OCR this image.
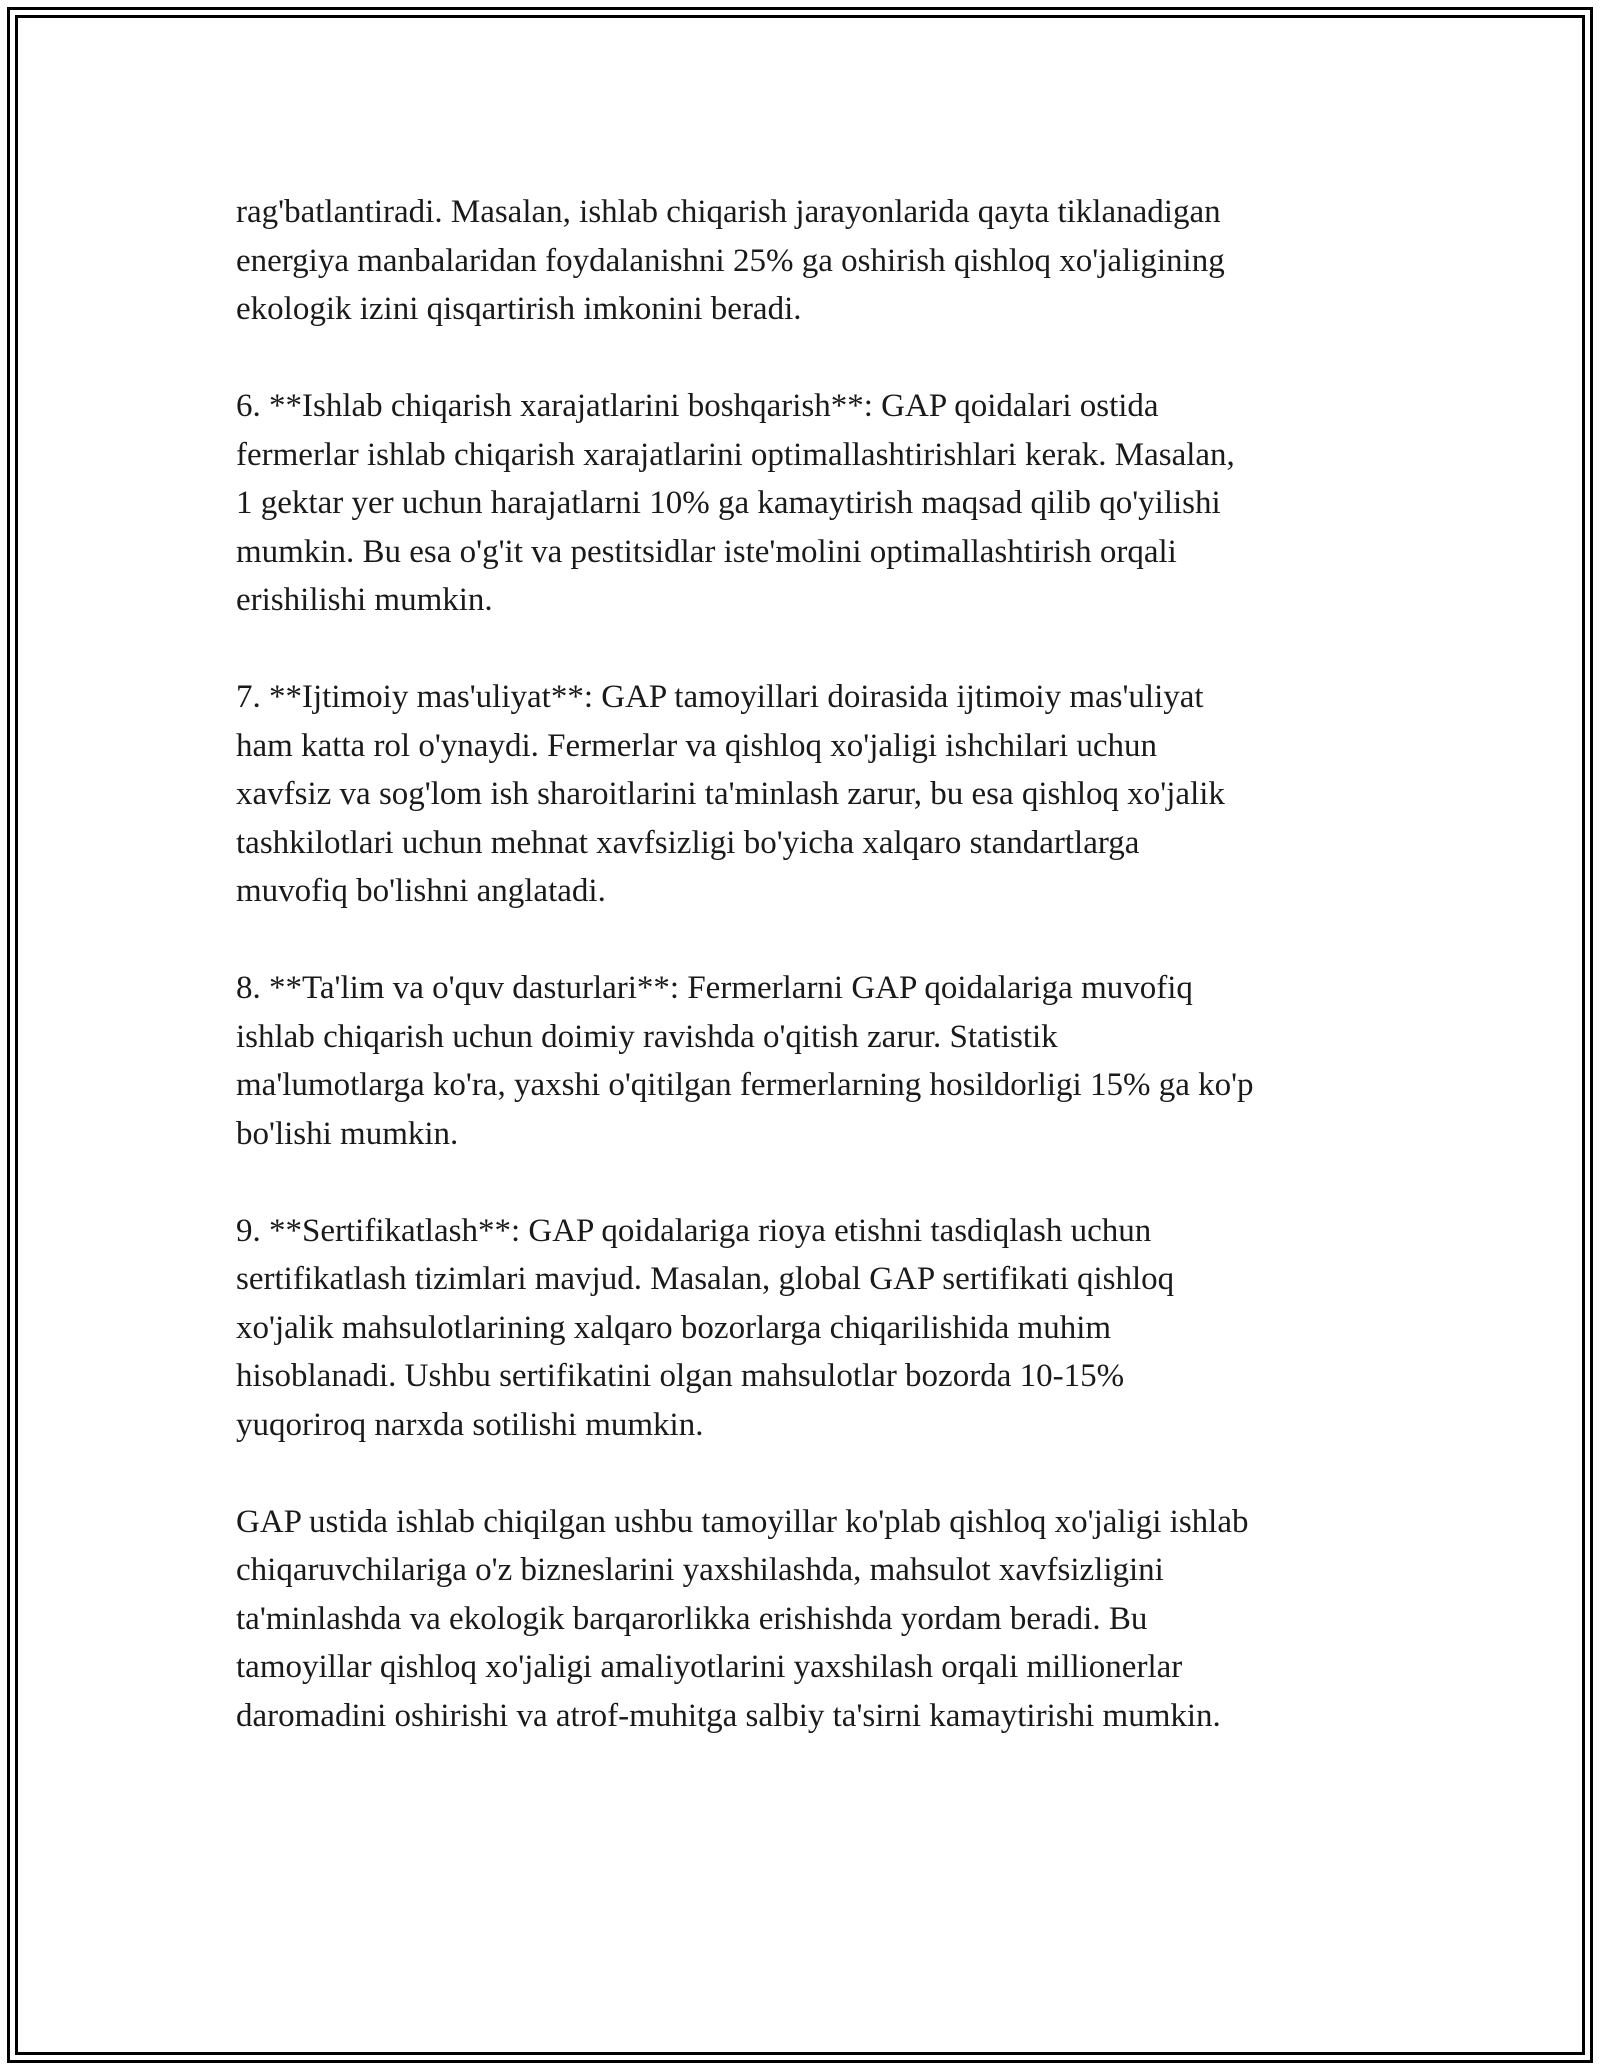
rag'batlantiradi. Masalan, ishlab chiqarish jarayonlarida qayta tiklanadigan
energiya manbalaridan foydalanishni 25% ga oshirish qishloq xo'jaligining
ekologik izini qisqartirish imkonini beradi.

6. **Ishlab chiqarish xarajatlarini boshqarish**: GAP qoidalari ostida
fermerlar ishlab chiqarish xarajatlarini optimallashtirishlari kerak. Masalan,
1 gektar yer uchun harajatlarni 10% ga kamaytirish maqsad qilib qo'yilishi
mumkin. Bu esa o'g'it va pestitsidlar iste'molini optimallashtirish orqali
erishilishi mumkin.

7. **Ijtimoiy mas'uliyat**: GAP tamoyillari doirasida ijtimoiy mas'uliyat
ham katta rol o'ynaydi. Fermerlar va qishloq xo'jaligi ishchilari uchun
xavfsiz va sog'lom ish sharoitlarini ta'minlash zarur, bu esa qishloq xo'jalik
tashkilotlari uchun mehnat xavfsizligi bo'yicha xalqaro standartlarga
muvofiq bo'lishni anglatadi.

8. **Ta'lim va o'quv dasturlari**: Fermerlarni GAP qoidalariga muvofiq
ishlab chiqarish uchun doimiy ravishda o'qitish zarur. Statistik
ma'lumotlarga ko'ra, yaxshi o'qitilgan fermerlarning hosildorligi 15% ga ko'p
bo'lishi mumkin.

9. **Sertifikatlash**: GAP qoidalariga rioya etishni tasdiqlash uchun
sertifikatlash tizimlari mavjud. Masalan, global GAP sertifikati qishloq
xo'jalik mahsulotlarining xalqaro bozorlarga chiqarilishida muhim
hisoblanadi. Ushbu sertifikatini olgan mahsulotlar bozorda 10-15%
yuqoriroq narxda sotilishi mumkin.

GAP ustida ishlab chiqilgan ushbu tamoyillar ko'plab qishloq xo'jaligi ishlab
chiqaruvchilariga o'z bizneslarini yaxshilashda, mahsulot xavfsizligini
ta'minlashda va ekologik barqarorlikka erishishda yordam beradi. Bu
tamoyillar qishloq xo'jaligi amaliyotlarini yaxshilash orqali millionerlar
daromadini oshirishi va atrof-muhitga salbiy ta'sirni kamaytirishi mumkin.
